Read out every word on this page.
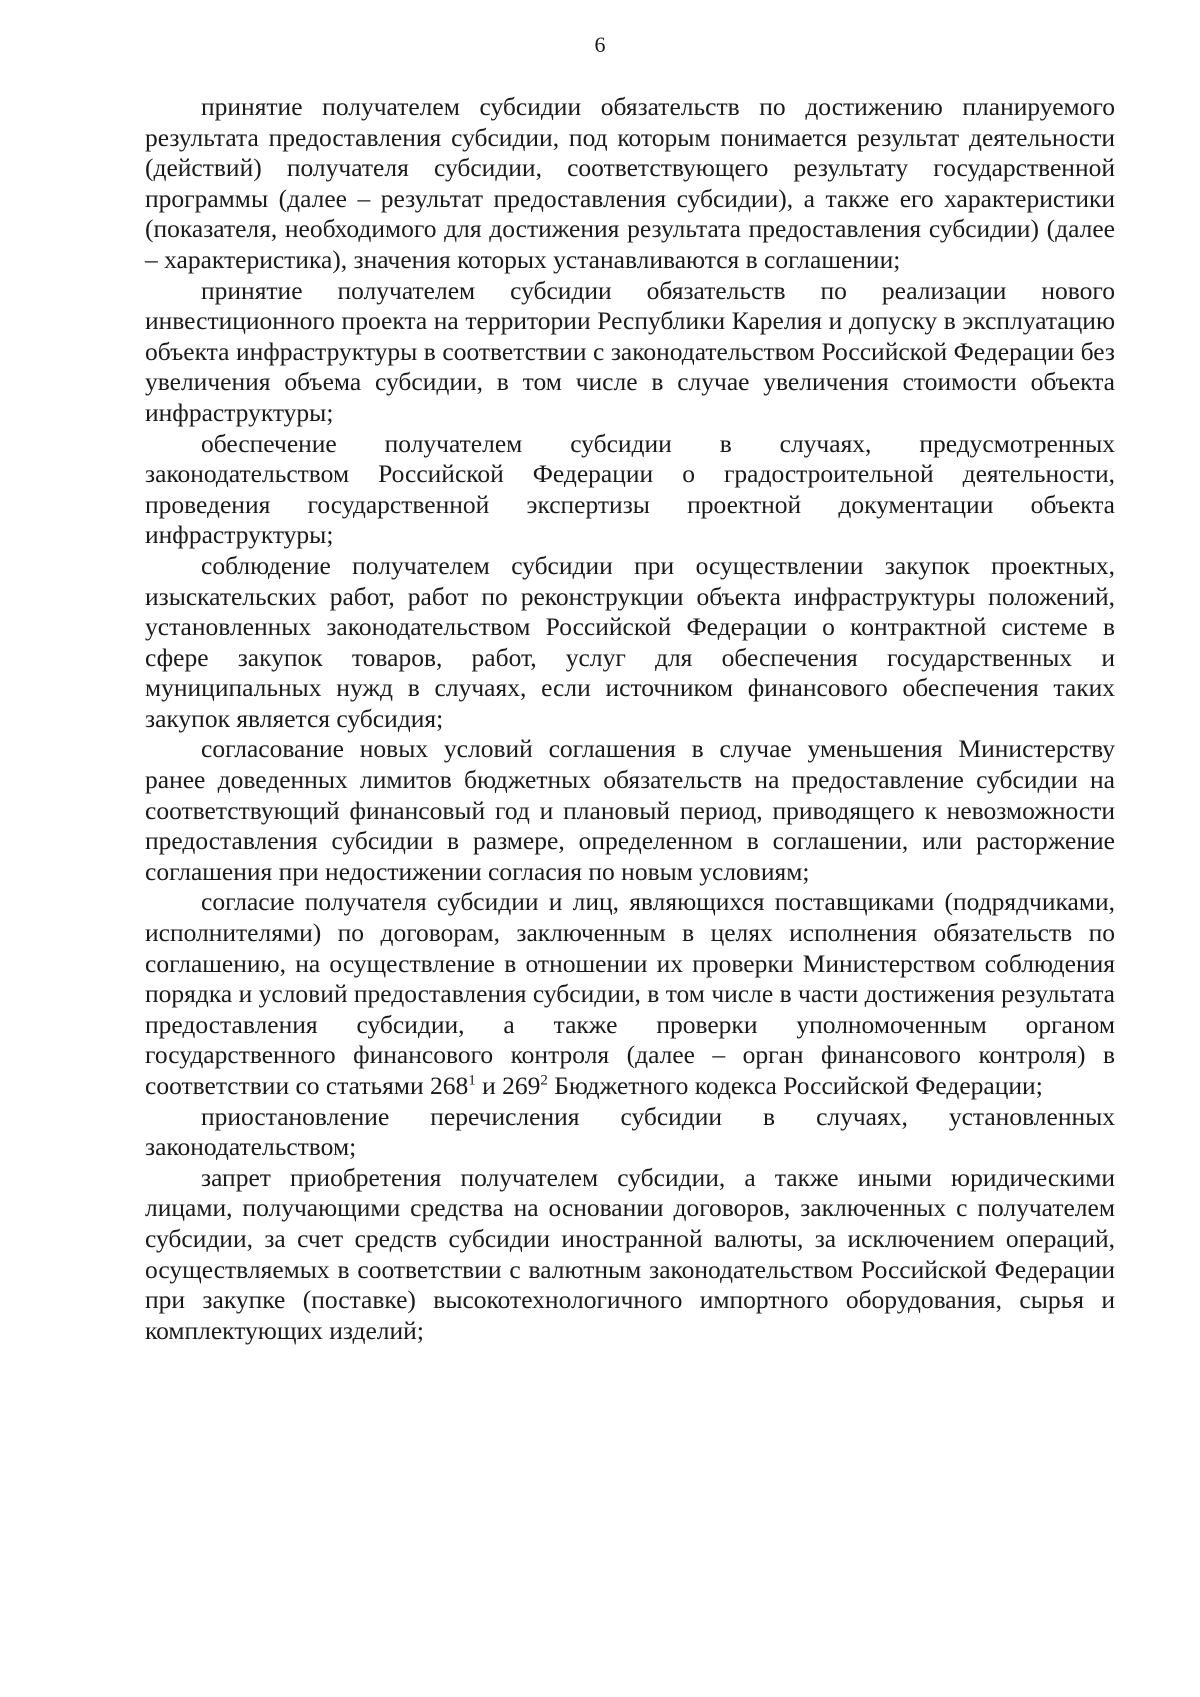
6

принятие получателем субсидии обязательств по достижению планируемого результата предоставления субсидии, под которым понимается результат деятельности (действий) получателя субсидии, соответствующего результату государственной программы (далее – результат предоставления субсидии), а также его характеристики (показателя, необходимого для достижения результата предоставления субсидии) (далее – характеристика), значения которых устанавливаются в соглашении;

принятие получателем субсидии обязательств по реализации нового инвестиционного проекта на территории Республики Карелия и допуску в эксплуатацию объекта инфраструктуры в соответствии с законодательством Российской Федерации без увеличения объема субсидии, в том числе в случае увеличения стоимости объекта инфраструктуры;

обеспечение получателем субсидии в случаях, предусмотренных законодательством Российской Федерации о градостроительной деятельности, проведения государственной экспертизы проектной документации объекта инфраструктуры;

соблюдение получателем субсидии при осуществлении закупок проектных, изыскательских работ, работ по реконструкции объекта инфраструктуры положений, установленных законодательством Российской Федерации о контрактной системе в сфере закупок товаров, работ, услуг для обеспечения государственных и муниципальных нужд в случаях, если источником финансового обеспечения таких закупок является субсидия;

согласование новых условий соглашения в случае уменьшения Министерству ранее доведенных лимитов бюджетных обязательств на предоставление субсидии на соответствующий финансовый год и плановый период, приводящего к невозможности предоставления субсидии в размере, определенном в соглашении, или расторжение соглашения при недостижении согласия по новым условиям;

согласие получателя субсидии и лиц, являющихся поставщиками (подрядчиками, исполнителями) по договорам, заключенным в целях исполнения обязательств по соглашению, на осуществление в отношении их проверки Министерством соблюдения порядка и условий предоставления субсидии, в том числе в части достижения результата предоставления субсидии, а также проверки уполномоченным органом государственного финансового контроля (далее – орган финансового контроля) в соответствии со статьями $268^1$ и $269^2$ Бюджетного кодекса Российской Федерации;

приостановление перечисления субсидии в случаях, установленных законодательством;

запрет приобретения получателем субсидии, а также иными юридическими лицами, получающими средства на основании договоров, заключенных с получателем субсидии, за счет средств субсидии иностранной валюты, за исключением операций, осуществляемых в соответствии с валютным законодательством Российской Федерации при закупке (поставке) высокотехнологичного импортного оборудования, сырья и комплектующих изделий;
